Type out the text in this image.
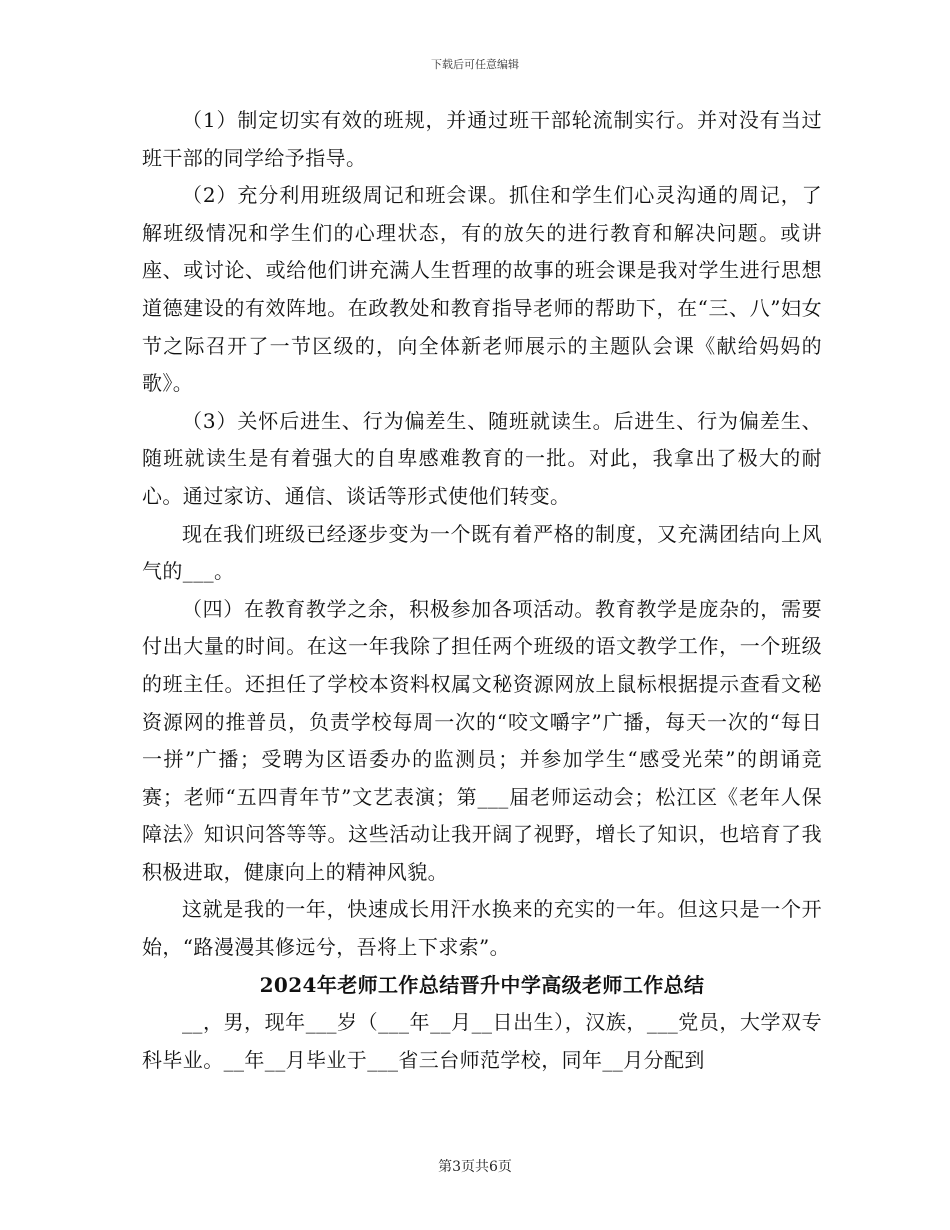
下载后可任意编辑

（1）制定切实有效的班规，并通过班干部轮流制实行。并对没有当过班干部的同学给予指导。

（2）充分利用班级周记和班会课。抓住和学生们心灵沟通的周记，了解班级情况和学生们的心理状态，有的放矢的进行教育和解决问题。或讲座、或讨论、或给他们讲充满人生哲理的故事的班会课是我对学生进行思想道德建设的有效阵地。在政教处和教育指导老师的帮助下，在“三、八”妇女节之际召开了一节区级的，向全体新老师展示的主题队会课《献给妈妈的歌》。

（3）关怀后进生、行为偏差生、随班就读生。后进生、行为偏差生、随班就读生是有着强大的自卑感难教育的一批。对此，我拿出了极大的耐心。通过家访、通信、谈话等形式使他们转变。

现在我们班级已经逐步变为一个既有着严格的制度，又充满团结向上风气的___。

（四）在教育教学之余，积极参加各项活动。教育教学是庞杂的，需要付出大量的时间。在这一年我除了担任两个班级的语文教学工作，一个班级的班主任。还担任了学校本资料权属文秘资源网放上鼠标根据提示查看文秘资源网的推普员，负责学校每周一次的“咬文嚼字”广播，每天一次的“每日一拼”广播；受聘为区语委办的监测员；并参加学生“感受光荣”的朗诵竞赛；老师“五四青年节”文艺表演；第___届老师运动会；松江区《老年人保障法》知识问答等等。这些活动让我开阔了视野，增长了知识，也培育了我积极进取，健康向上的精神风貌。

这就是我的一年，快速成长用汗水换来的充实的一年。但这只是一个开始，“路漫漫其修远兮，吾将上下求索”。

2024年老师工作总结晋升中学高级老师工作总结

__，男，现年___岁（___年__月__日出生），汉族，___党员，大学双专科毕业。__年__月毕业于___省三台师范学校，同年__月分配到

第3页共6页
